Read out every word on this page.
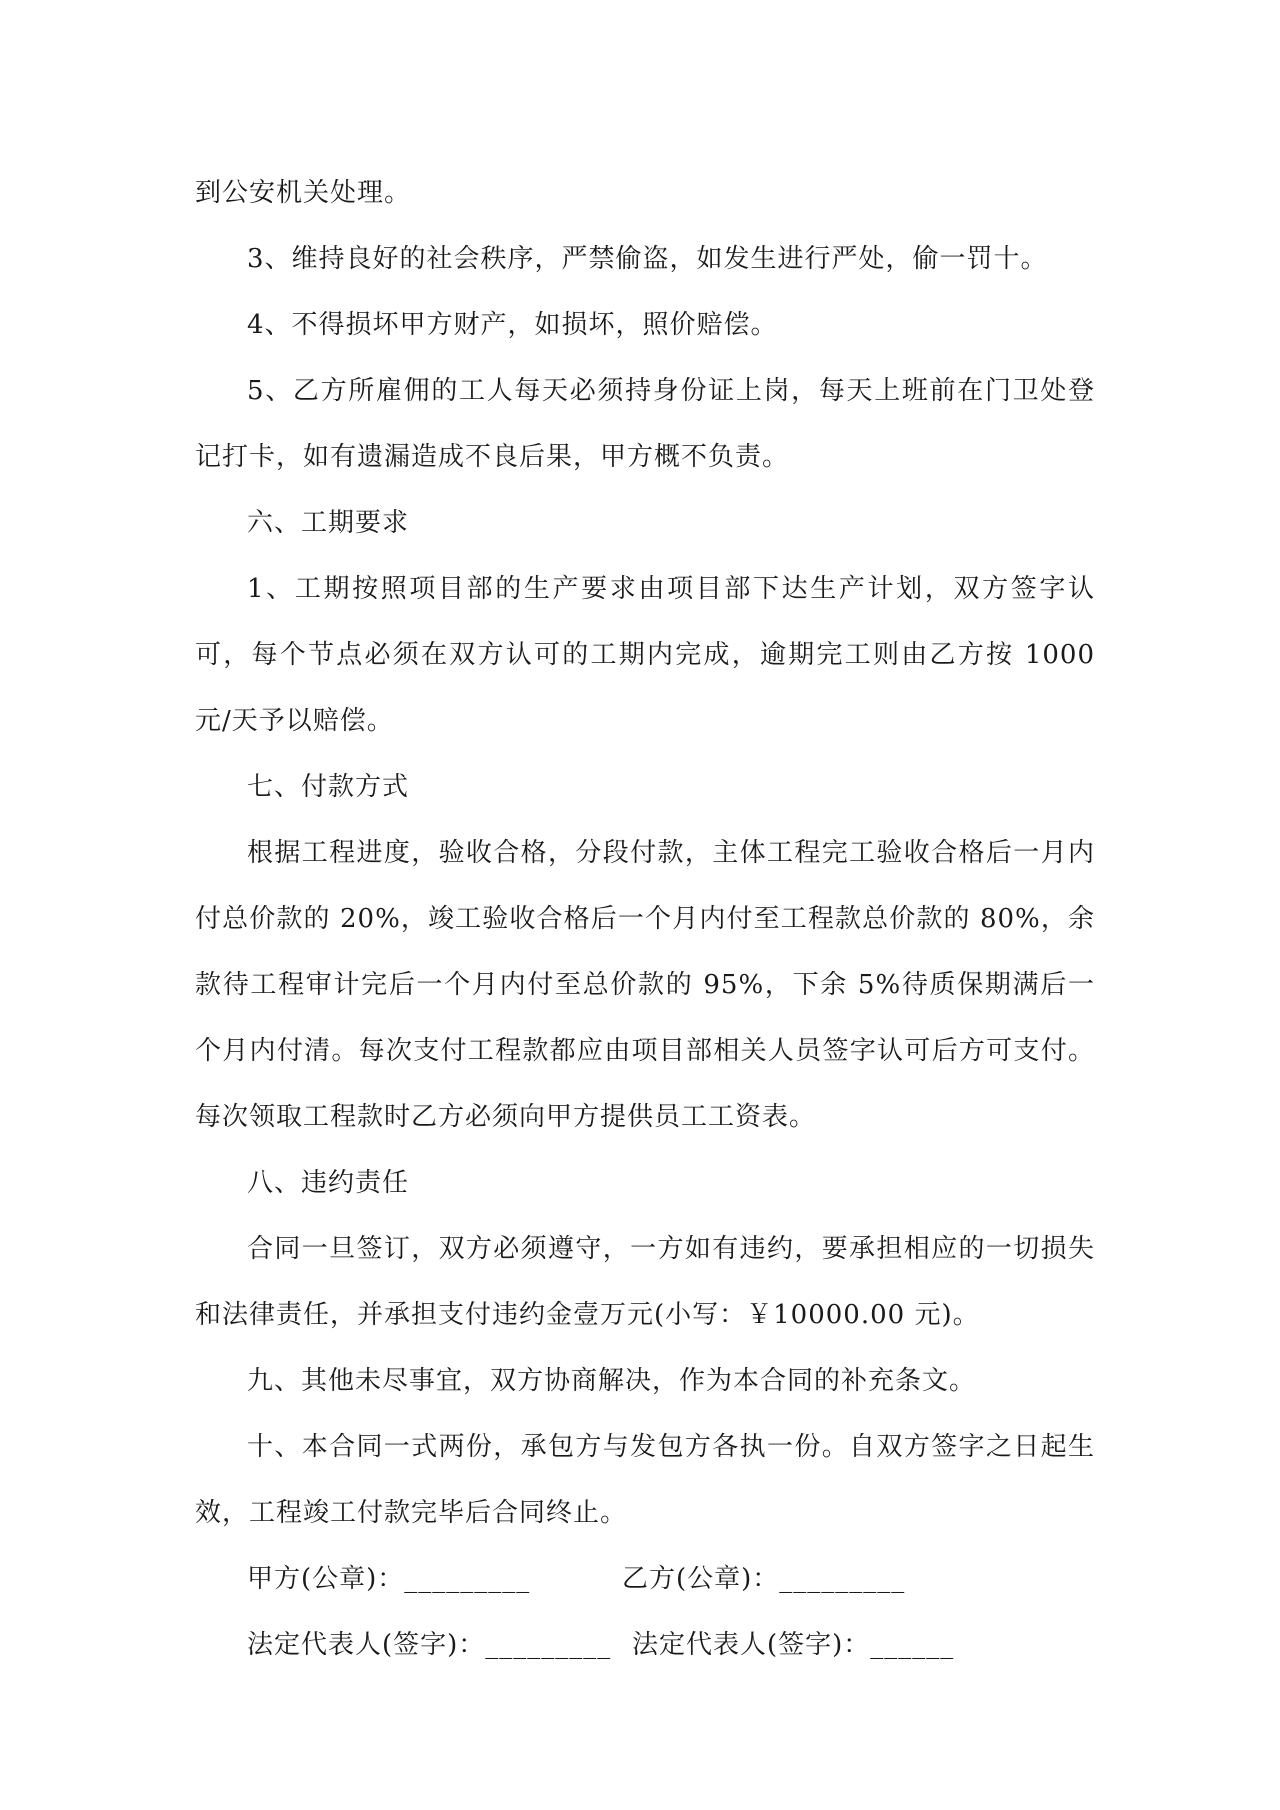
到公安机关处理。

3、维持良好的社会秩序，严禁偷盗，如发生进行严处，偷一罚十。

4、不得损坏甲方财产，如损坏，照价赔偿。

5、乙方所雇佣的工人每天必须持身份证上岗，每天上班前在门卫处登记打卡，如有遗漏造成不良后果，甲方概不负责。

六、工期要求

1、工期按照项目部的生产要求由项目部下达生产计划，双方签字认可，每个节点必须在双方认可的工期内完成，逾期完工则由乙方按 1000 元/天予以赔偿。

七、付款方式

根据工程进度，验收合格，分段付款，主体工程完工验收合格后一月内付总价款的 20%，竣工验收合格后一个月内付至工程款总价款的 80%，余款待工程审计完后一个月内付至总价款的 95%，下余 5%待质保期满后一个月内付清。每次支付工程款都应由项目部相关人员签字认可后方可支付。每次领取工程款时乙方必须向甲方提供员工工资表。

八、违约责任

合同一旦签订，双方必须遵守，一方如有违约，要承担相应的一切损失和法律责任，并承担支付违约金壹万元(小写：￥10000.00 元)。

九、其他未尽事宜，双方协商解决，作为本合同的补充条文。

十、本合同一式两份，承包方与发包方各执一份。自双方签字之日起生效，工程竣工付款完毕后合同终止。

甲方(公章)：_________	乙方(公章)：_________
法定代表人(签字)：_________ 法定代表人(签字)：______
